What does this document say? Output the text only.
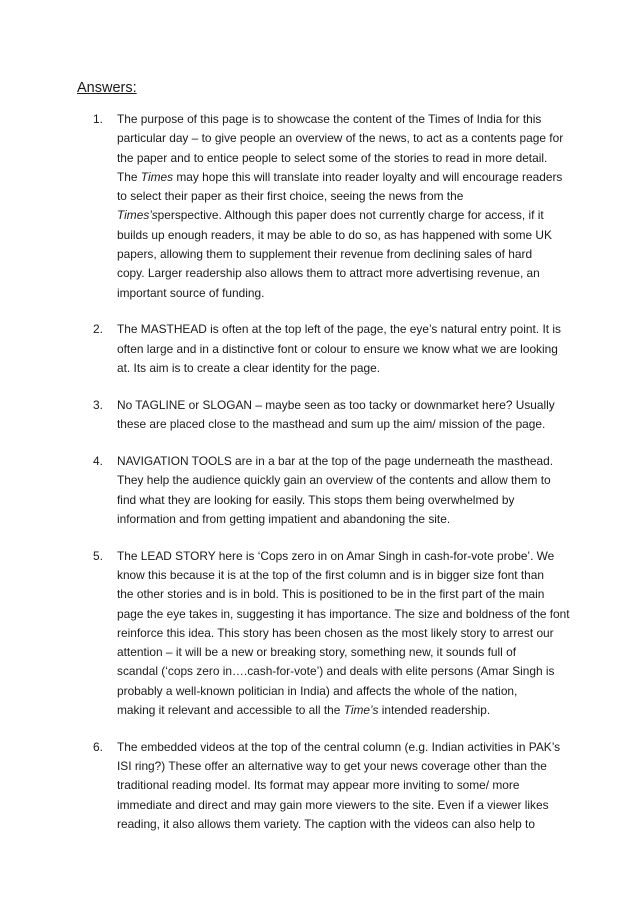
Answers:
1. The purpose of this page is to showcase the content of the Times of India for this
particular day – to give people an overview of the news, to act as a contents page for
the paper and to entice people to select some of the stories to read in more detail.
The Times may hope this will translate into reader loyalty and will encourage readers
to select their paper as their first choice, seeing the news from the
Times’sperspective. Although this paper does not currently charge for access, if it
builds up enough readers, it may be able to do so, as has happened with some UK
papers, allowing them to supplement their revenue from declining sales of hard
copy. Larger readership also allows them to attract more advertising revenue, an
important source of funding.
2. The MASTHEAD is often at the top left of the page, the eye’s natural entry point. It is
often large and in a distinctive font or colour to ensure we know what we are looking
at. Its aim is to create a clear identity for the page.
3. No TAGLINE or SLOGAN – maybe seen as too tacky or downmarket here? Usually
these are placed close to the masthead and sum up the aim/ mission of the page.
4. NAVIGATION TOOLS are in a bar at the top of the page underneath the masthead.
They help the audience quickly gain an overview of the contents and allow them to
find what they are looking for easily. This stops them being overwhelmed by
information and from getting impatient and abandoning the site.
5. The LEAD STORY here is ‘Cops zero in on Amar Singh in cash-for-vote probe’. We
know this because it is at the top of the first column and is in bigger size font than
the other stories and is in bold. This is positioned to be in the first part of the main
page the eye takes in, suggesting it has importance. The size and boldness of the font
reinforce this idea. This story has been chosen as the most likely story to arrest our
attention – it will be a new or breaking story, something new, it sounds full of
scandal (‘cops zero in….cash-for-vote’) and deals with elite persons (Amar Singh is
probably a well-known politician in India) and affects the whole of the nation,
making it relevant and accessible to all the Time’s intended readership.
6. The embedded videos at the top of the central column (e.g. Indian activities in PAK’s
ISI ring?) These offer an alternative way to get your news coverage other than the
traditional reading model. Its format may appear more inviting to some/ more
immediate and direct and may gain more viewers to the site. Even if a viewer likes
reading, it also allows them variety. The caption with the videos can also help to
